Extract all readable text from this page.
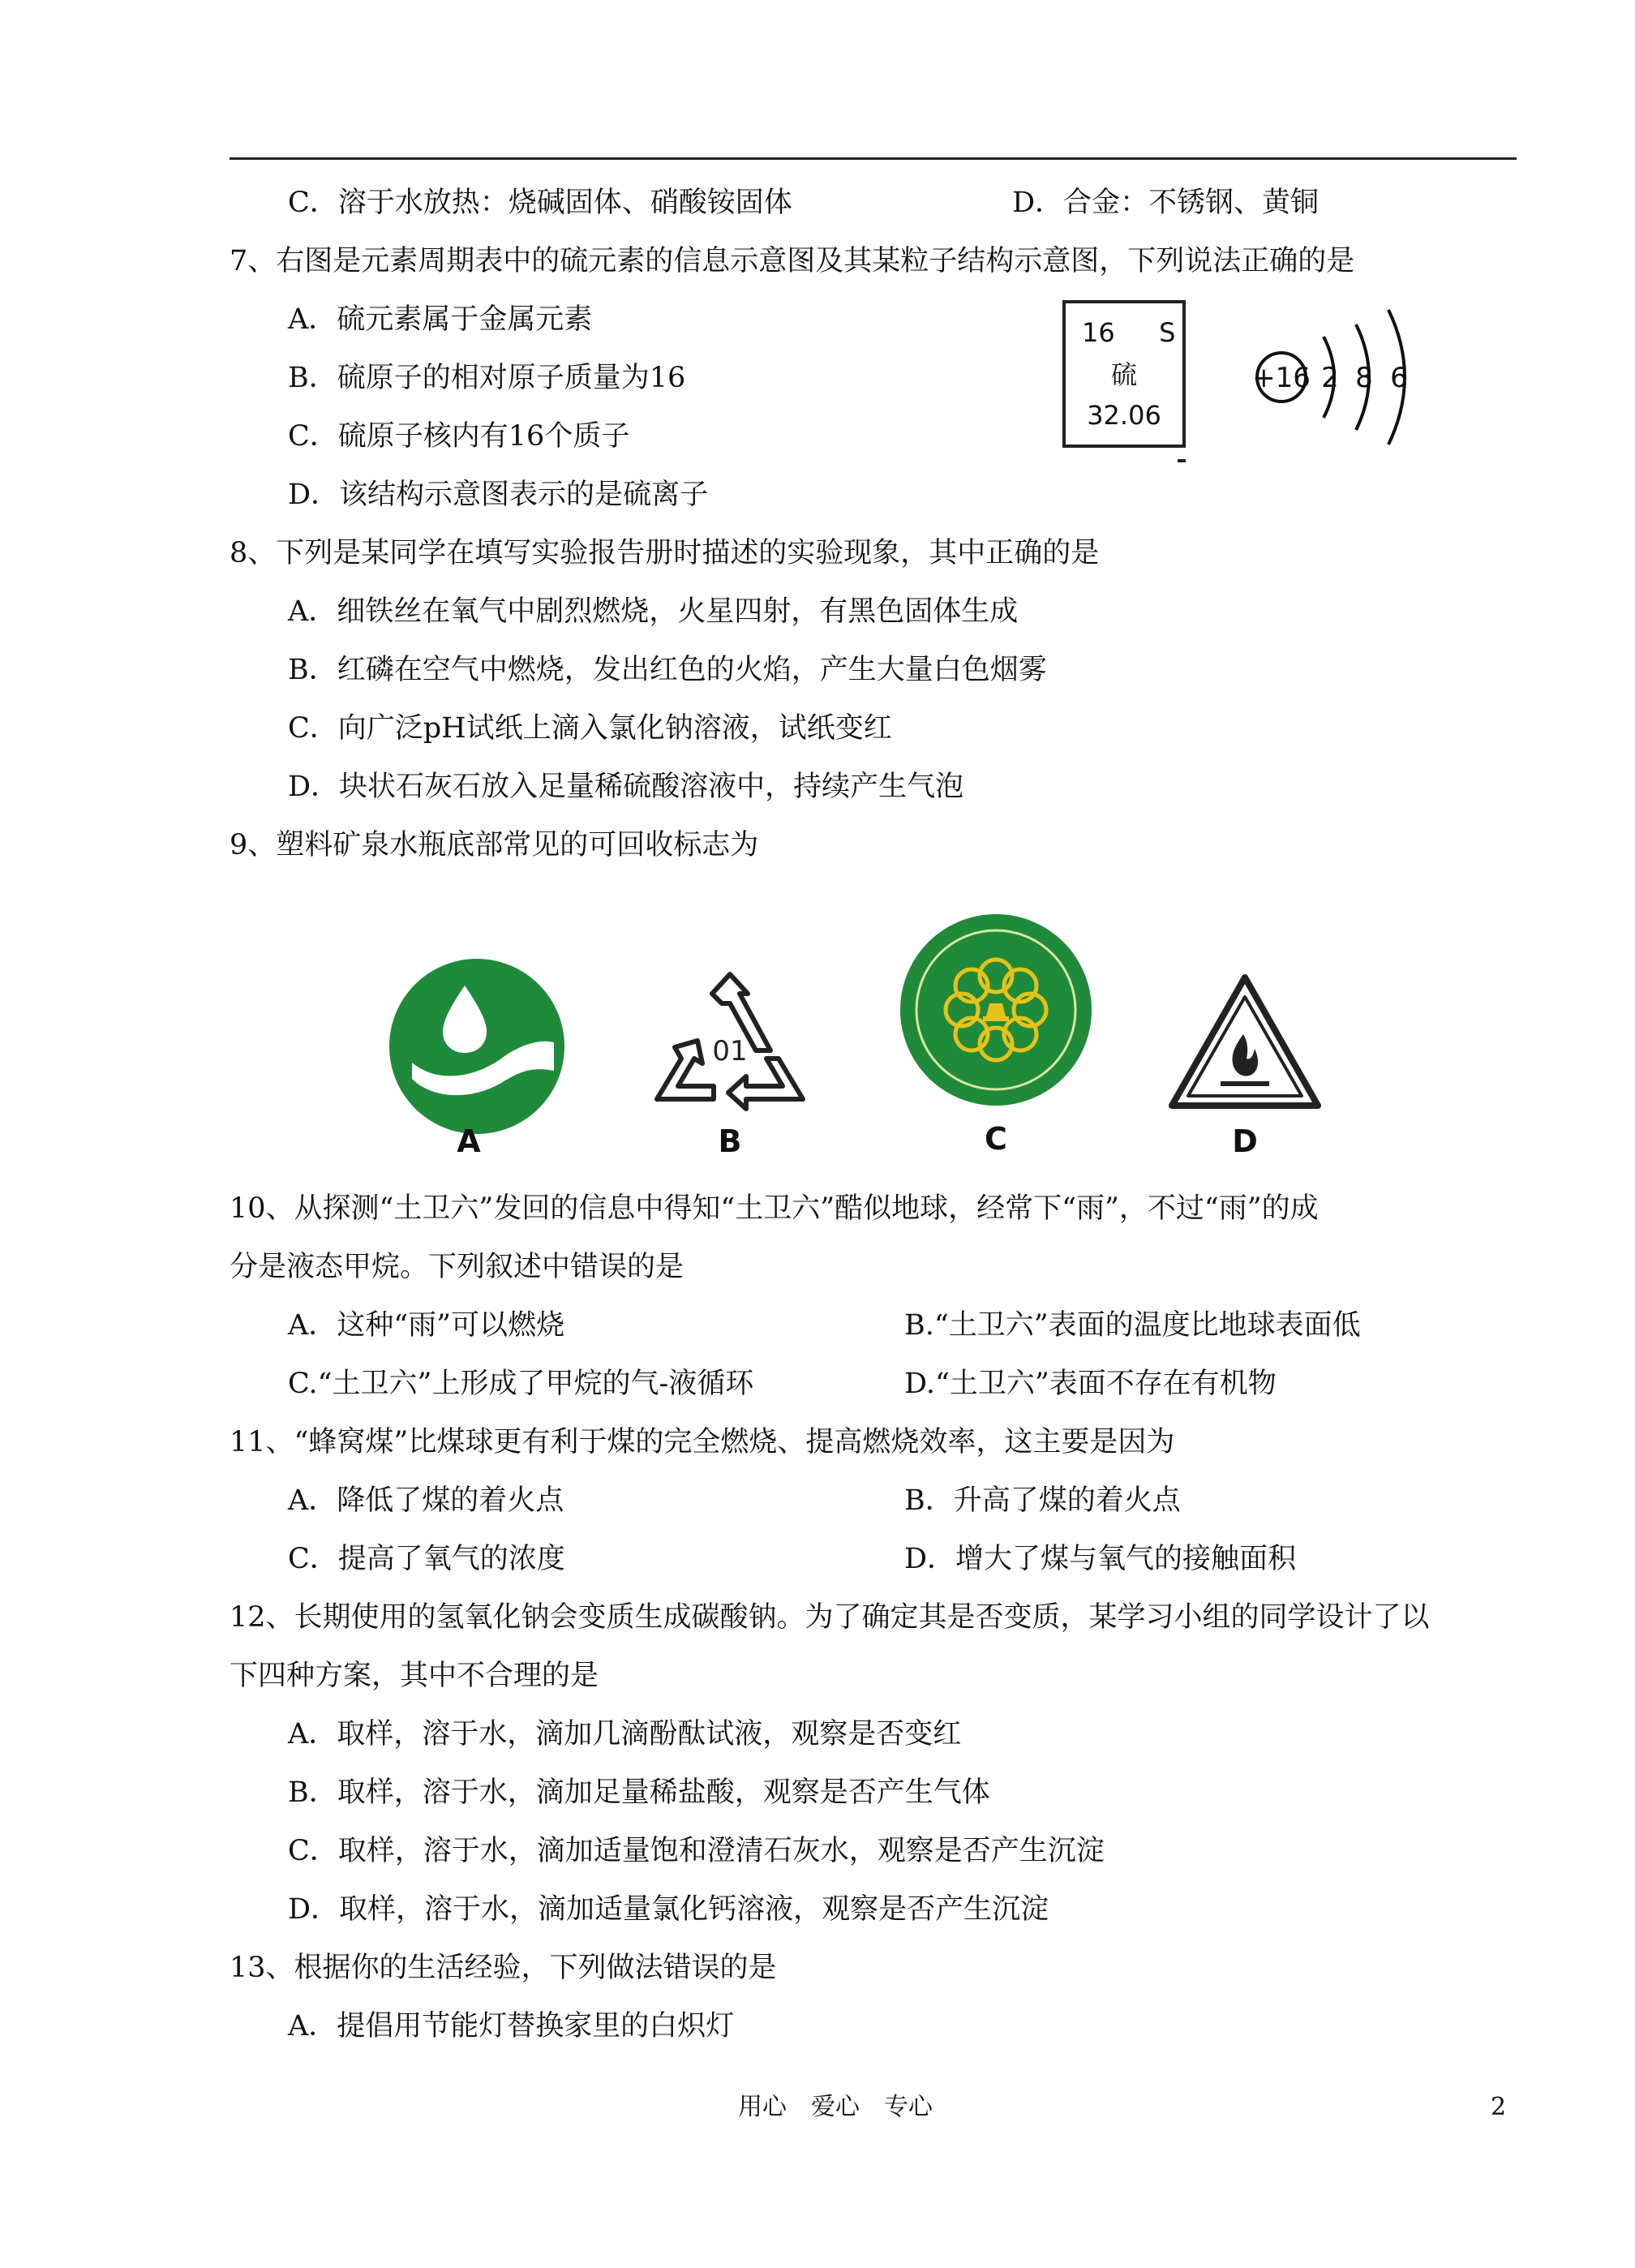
C．溶于水放热：烧碱固体、硝酸铵固体	D．合金：不锈钢、黄铜
7、右图是元素周期表中的硫元素的信息示意图及其某粒子结构示意图，下列说法正确的是
A．硫元素属于金属元素
B．硫原子的相对原子质量为16
C．硫原子核内有16个质子
D．该结构示意图表示的是硫离子
16 S
硫
32.06
+16 2 8 6
8、下列是某同学在填写实验报告册时描述的实验现象，其中正确的是
A．细铁丝在氧气中剧烈燃烧，火星四射，有黑色固体生成
B．红磷在空气中燃烧，发出红色的火焰，产生大量白色烟雾
C．向广泛pH试纸上滴入氯化钠溶液，试纸变红
D．块状石灰石放入足量稀硫酸溶液中，持续产生气泡
9、塑料矿泉水瓶底部常见的可回收标志为
A
01
B	C	D
10、从探测“土卫六”发回的信息中得知“土卫六”酷似地球，经常下“雨”，不过“雨”的成
分是液态甲烷。下列叙述中错误的是
A．这种“雨”可以燃烧	B.“土卫六”表面的温度比地球表面低
C.“土卫六”上形成了甲烷的气-液循环	D.“土卫六”表面不存在有机物
11、“蜂窝煤”比煤球更有利于煤的完全燃烧、提高燃烧效率，这主要是因为
A．降低了煤的着火点	B．升高了煤的着火点
C．提高了氧气的浓度	D．增大了煤与氧气的接触面积
12、长期使用的氢氧化钠会变质生成碳酸钠。为了确定其是否变质，某学习小组的同学设计了以
下四种方案，其中不合理的是
A．取样，溶于水，滴加几滴酚酞试液，观察是否变红
B．取样，溶于水，滴加足量稀盐酸，观察是否产生气体
C．取样，溶于水，滴加适量饱和澄清石灰水，观察是否产生沉淀
D．取样，溶于水，滴加适量氯化钙溶液，观察是否产生沉淀
13、根据你的生活经验，下列做法错误的是
A．提倡用节能灯替换家里的白炽灯
用心　爱心　专心	2
